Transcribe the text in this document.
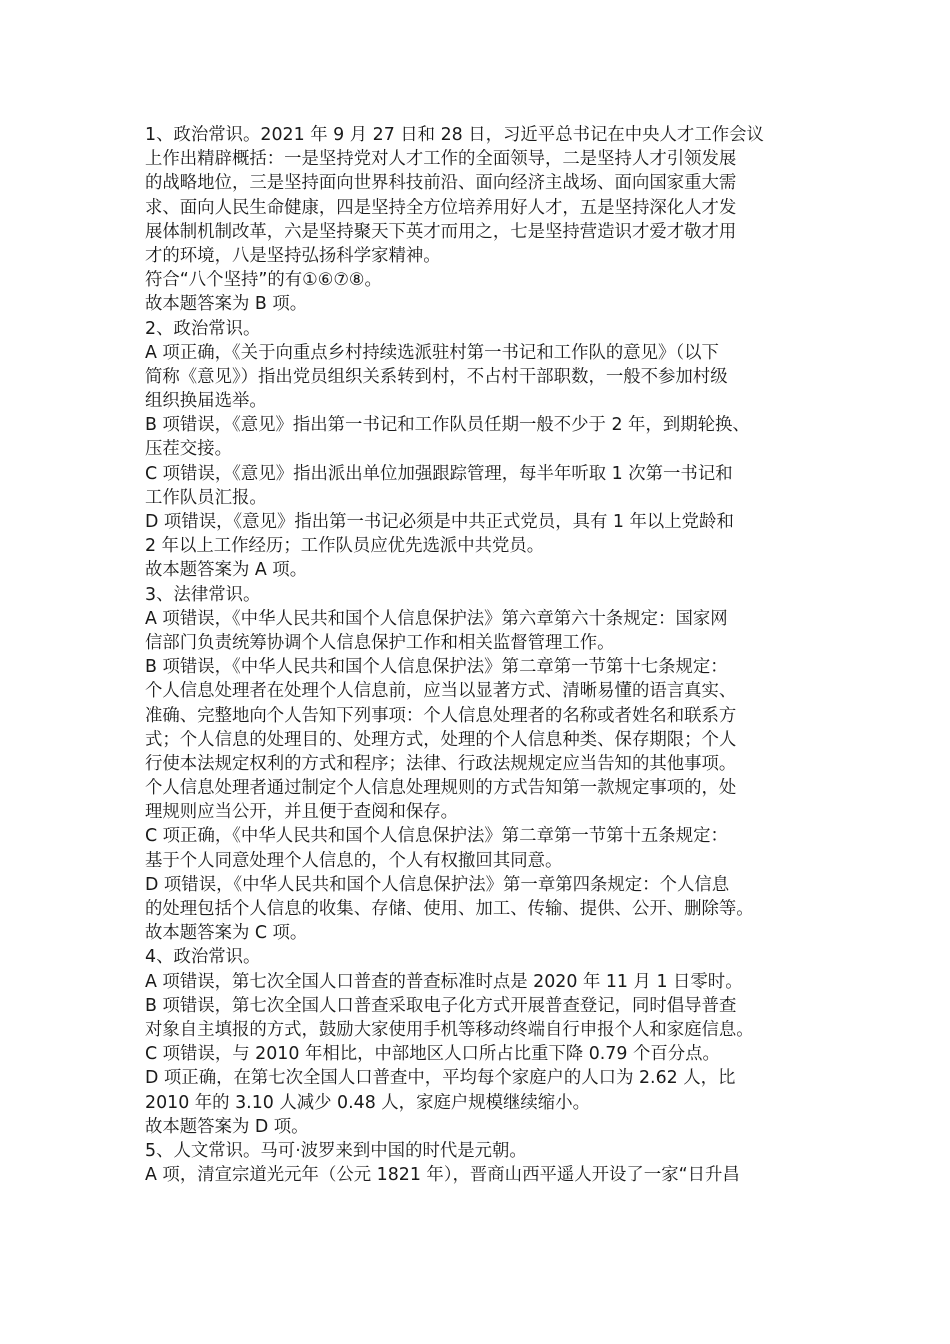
1、政治常识。2021 年 9 月 27 日和 28 日，习近平总书记在中央人才工作会议
上作出精辟概括：一是坚持党对人才工作的全面领导，二是坚持人才引领发展
的战略地位，三是坚持面向世界科技前沿、面向经济主战场、面向国家重大需
求、面向人民生命健康，四是坚持全方位培养用好人才，五是坚持深化人才发
展体制机制改革，六是坚持聚天下英才而用之，七是坚持营造识才爱才敬才用
才的环境，八是坚持弘扬科学家精神。
符合“八个坚持”的有①⑥⑦⑧。
故本题答案为 B 项。
2、政治常识。
A 项正确，《关于向重点乡村持续选派驻村第一书记和工作队的意见》（以下
简称《意见》）指出党员组织关系转到村，不占村干部职数，一般不参加村级
组织换届选举。
B 项错误，《意见》指出第一书记和工作队员任期一般不少于 2 年，到期轮换、
压茬交接。
C 项错误，《意见》指出派出单位加强跟踪管理，每半年听取 1 次第一书记和
工作队员汇报。
D 项错误，《意见》指出第一书记必须是中共正式党员，具有 1 年以上党龄和
2 年以上工作经历；工作队员应优先选派中共党员。
故本题答案为 A 项。
3、法律常识。
A 项错误，《中华人民共和国个人信息保护法》第六章第六十条规定：国家网
信部门负责统筹协调个人信息保护工作和相关监督管理工作。
B 项错误，《中华人民共和国个人信息保护法》第二章第一节第十七条规定：
个人信息处理者在处理个人信息前，应当以显著方式、清晰易懂的语言真实、
准确、完整地向个人告知下列事项：个人信息处理者的名称或者姓名和联系方
式；个人信息的处理目的、处理方式，处理的个人信息种类、保存期限；个人
行使本法规定权利的方式和程序；法律、行政法规规定应当告知的其他事项。
个人信息处理者通过制定个人信息处理规则的方式告知第一款规定事项的，处
理规则应当公开，并且便于查阅和保存。
C 项正确，《中华人民共和国个人信息保护法》第二章第一节第十五条规定：
基于个人同意处理个人信息的，个人有权撤回其同意。
D 项错误，《中华人民共和国个人信息保护法》第一章第四条规定：个人信息
的处理包括个人信息的收集、存储、使用、加工、传输、提供、公开、删除等。
故本题答案为 C 项。
4、政治常识。
A 项错误，第七次全国人口普查的普查标准时点是 2020 年 11 月 1 日零时。
B 项错误，第七次全国人口普查采取电子化方式开展普查登记，同时倡导普查
对象自主填报的方式，鼓励大家使用手机等移动终端自行申报个人和家庭信息。
C 项错误，与 2010 年相比，中部地区人口所占比重下降 0.79 个百分点。
D 项正确，在第七次全国人口普查中，平均每个家庭户的人口为 2.62 人，比
2010 年的 3.10 人减少 0.48 人，家庭户规模继续缩小。
故本题答案为 D 项。
5、人文常识。马可·波罗来到中国的时代是元朝。
A 项，清宣宗道光元年（公元 1821 年），晋商山西平遥人开设了一家“日升昌
